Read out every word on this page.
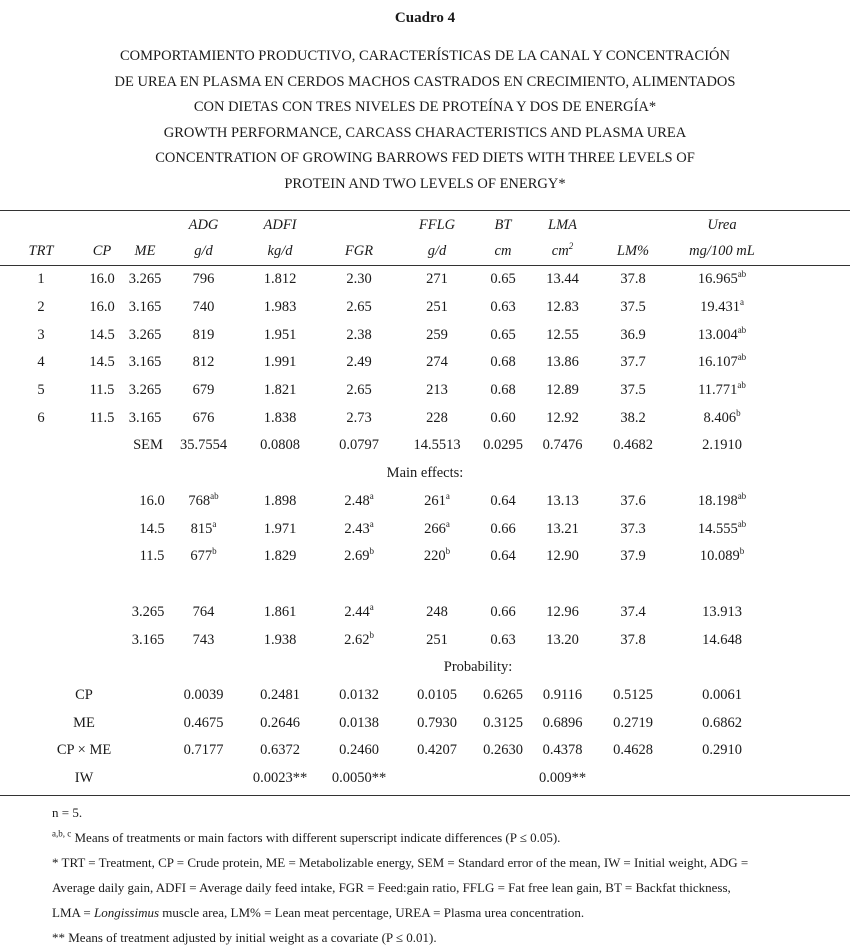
Cuadro 4
COMPORTAMIENTO PRODUCTIVO, CARACTERÍSTICAS DE LA CANAL Y CONCENTRACIÓN
DE UREA EN PLASMA EN CERDOS MACHOS CASTRADOS EN CRECIMIENTO, ALIMENTADOS
CON DIETAS CON TRES NIVELES DE PROTEÍNA Y DOS DE ENERGÍA*
GROWTH PERFORMANCE, CARCASS CHARACTERISTICS AND PLASMA UREA
CONCENTRATION OF GROWING BARROWS FED DIETS WITH THREE LEVELS OF
PROTEIN AND TWO LEVELS OF ENERGY*
			ADG	ADFI		FFLG	BT	LMA		Urea	
TRT	CP	ME	g/d	kg/d	FGR	g/d	cm	$cm^2$	LM%	mg/100 mL	

1	16.0	3.265	796	1.812	2.30	271	0.65	13.44	37.8	16.965$^{ab}$	
2	16.0	3.165	740	1.983	2.65	251	0.63	12.83	37.5	19.431$^a$	
3	14.5	3.265	819	1.951	2.38	259	0.65	12.55	36.9	13.004$^{ab}$	
4	14.5	3.165	812	1.991	2.49	274	0.68	13.86	37.7	16.107$^{ab}$	
5	11.5	3.265	679	1.821	2.65	213	0.68	12.89	37.5	11.771$^{ab}$	
6	11.5	3.165	676	1.838	2.73	228	0.60	12.92	38.2	8.406$^b$	
SEM			35.7554	0.0808	0.0797	14.5513	0.0295	0.7476	0.4682	2.1910	
Main effects:											
16.0			$768^{ab}$	1.898	2.48$^a$	261$^a$	0.64	13.13	37.6	18.198$^{ab}$	
14.5			815$^a$	1.971	2.43$^a$	266$^a$	0.66	13.21	37.3	14.555$^{ab}$	
11.5			677$^b$	1.829	2.69$^b$	220$^b$	0.64	12.90	37.9	10.089$^b$	

3.265			764	1.861	2.44$^a$	248	0.66	12.96	37.4	13.913	
3.165			743	1.938	2.62$^b$	251	0.63	13.20	37.8	14.648	
Probability:											
CP			0.0039	0.2481	0.0132	0.0105	0.6265	0.9116	0.5125	0.0061	
ME			0.4675	0.2646	0.0138	0.7930	0.3125	0.6896	0.2719	0.6862	
CP × ME			0.7177	0.6372	0.2460	0.4207	0.2630	0.4378	0.4628	0.2910	
IW				0.0023**	0.0050**			0.009**			
n = 5.
$^{a,b, c}$ Means of treatments or main factors with different superscript indicate differences (P ≤ 0.05).
* TRT = Treatment, CP = Crude protein, ME = Metabolizable energy, SEM = Standard error of the mean, IW = Initial weight, ADG =
Average daily gain, ADFI = Average daily feed intake, FGR = Feed:gain ratio, FFLG = Fat free lean gain, BT = Backfat thickness,
LMA = Longissimus muscle area, LM% = Lean meat percentage, UREA = Plasma urea concentration.
** Means of treatment adjusted by initial weight as a covariate (P ≤ 0.01).
